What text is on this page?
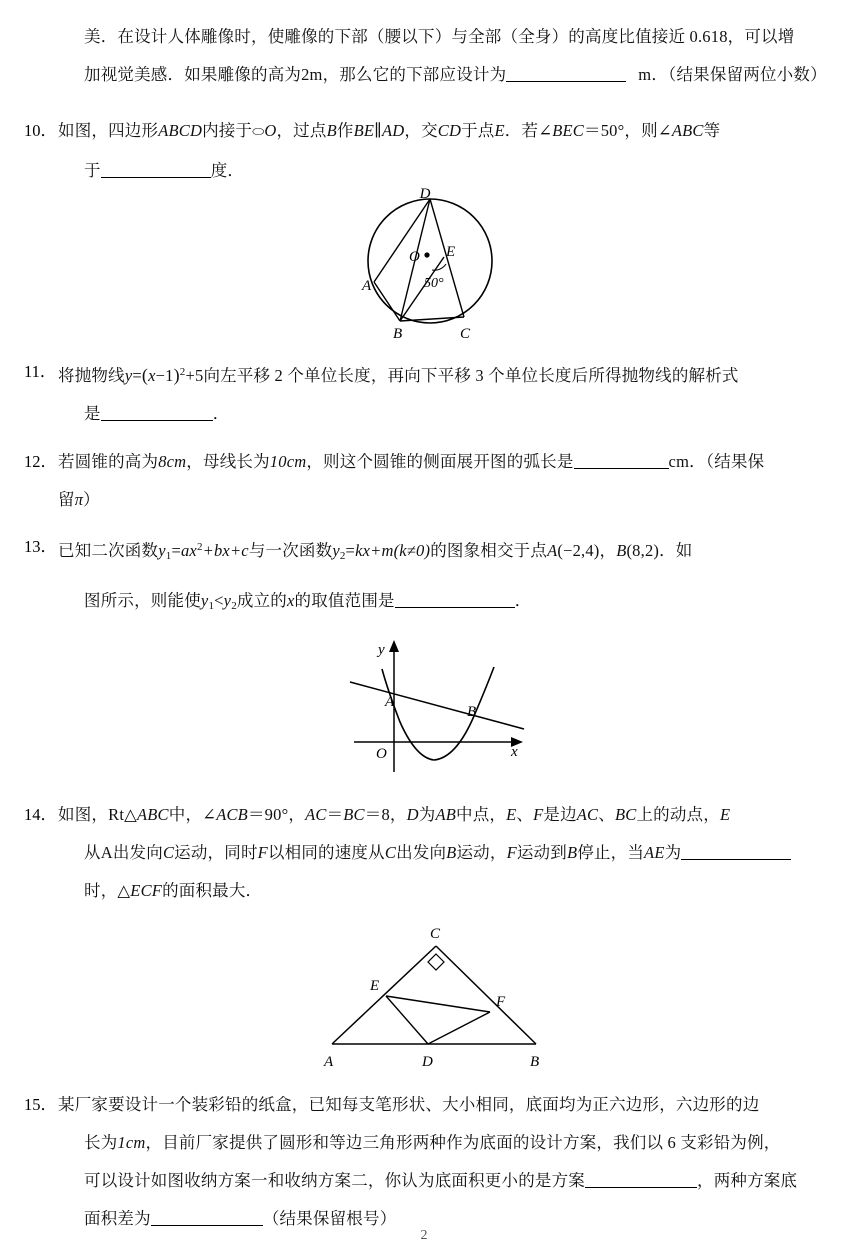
美．在设计人体雕像时，使雕像的下部（腰以下）与全部（全身）的高度比值接近 0.618，可以增
加视觉美感．如果雕像的高为2m，那么它的下部应设计为	m．（结果保留两位小数）
10． 如图，四边形ABCD内接于⬭O，过点B作BE∥AD，交CD于点E．若∠BEC＝50°，则∠ABC等
于	度．
D
A
B	C
O E
50°
11． 将抛物线$y=(x-1)^2+5$向左平移 2 个单位长度，再向下平移 3 个单位长度后所得抛物线的解析式
是	．
12． 若圆锥的高为8cm，母线长为10cm，则这个圆锥的侧面展开图的弧长是	cm．（结果保
留π）
13． 已知二次函数$y_1=ax^2+bx+c$与一次函数$y_2=kx+m(k\ne 0)$的图象相交于点A(−2,4)，B(8,2)．如
图所示，则能使$y_1<y_2$成立的x的取值范围是	．
A
B
O	x
y
14． 如图，Rt△ABC中，∠ACB＝90°，AC＝BC＝8，D为AB中点，E、F是边AC、BC上的动点，E
从A出发向C运动，同时F以相同的速度从C出发向B运动，F运动到B停止，当AE为
时，△ECF的面积最大．
C
E
F
A	D	B
15． 某厂家要设计一个装彩铅的纸盒，已知每支笔形状、大小相同，底面均为正六边形，六边形的边
长为1cm，目前厂家提供了圆形和等边三角形两种作为底面的设计方案，我们以 6 支彩铅为例，
可以设计如图收纳方案一和收纳方案二，你认为底面积更小的是方案	，两种方案底
面积差为	（结果保留根号）
2
